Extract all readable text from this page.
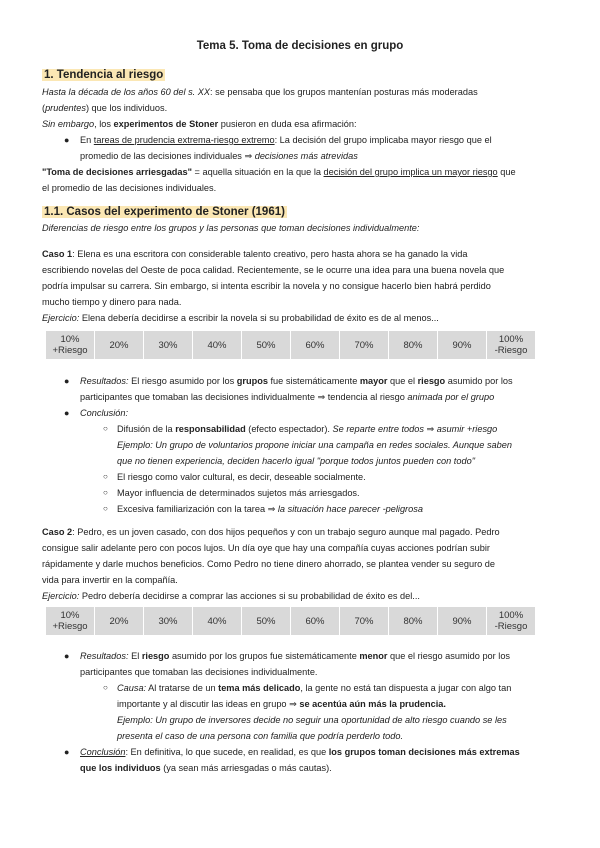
Tema 5. Toma de decisiones en grupo
1. Tendencia al riesgo
Hasta la década de los años 60 del s. XX: se pensaba que los grupos mantenían posturas más moderadas
(prudentes) que los individuos.
Sin embargo, los experimentos de Stoner pusieron en duda esa afirmación:
● En tareas de prudencia extrema-riesgo extremo: La decisión del grupo implicaba mayor riesgo que el
promedio de las decisiones individuales ⇒ decisiones más atrevidas
"Toma de decisiones arriesgadas" = aquella situación en la que la decisión del grupo implica un mayor riesgo que
el promedio de las decisiones individuales.
1.1. Casos del experimento de Stoner (1961)
Diferencias de riesgo entre los grupos y las personas que toman decisiones individualmente:
Caso 1: Elena es una escritora con considerable talento creativo, pero hasta ahora se ha ganado la vida
escribiendo novelas del Oeste de poca calidad. Recientemente, se le ocurre una idea para una buena novela que
podría impulsar su carrera. Sin embargo, si intenta escribir la novela y no consigue hacerlo bien habrá perdido
mucho tiempo y dinero para nada.
Ejercicio: Elena debería decidirse a escribir la novela si su probabilidad de éxito es de al menos...
10%
+Riesgo	20%	30%	40%	50%	60%	70%	80%	90%	100%
-Riesgo
● Resultados: El riesgo asumido por los grupos fue sistemáticamente mayor que el riesgo asumido por los
participantes que tomaban las decisiones individualmente ⇒ tendencia al riesgo animada por el grupo
● Conclusión:
○ Difusión de la responsabilidad (efecto espectador). Se reparte entre todos ⇒ asumir +riesgo
Ejemplo: Un grupo de voluntarios propone iniciar una campaña en redes sociales. Aunque saben
que no tienen experiencia, deciden hacerlo igual "porque todos juntos pueden con todo"
○ El riesgo como valor cultural, es decir, deseable socialmente.
○ Mayor influencia de determinados sujetos más arriesgados.
○ Excesiva familiarización con la tarea ⇒ la situación hace parecer -peligrosa
Caso 2: Pedro, es un joven casado, con dos hijos pequeños y con un trabajo seguro aunque mal pagado. Pedro
consigue salir adelante pero con pocos lujos. Un día oye que hay una compañía cuyas acciones podrían subir
rápidamente y darle muchos beneficios. Como Pedro no tiene dinero ahorrado, se plantea vender su seguro de
vida para invertir en la compañía.
Ejercicio: Pedro debería decidirse a comprar las acciones si su probabilidad de éxito es del...
10%
+Riesgo	20%	30%	40%	50%	60%	70%	80%	90%	100%
-Riesgo
● Resultados: El riesgo asumido por los grupos fue sistemáticamente menor que el riesgo asumido por los
participantes que tomaban las decisiones individualmente.
○ Causa: Al tratarse de un tema más delicado, la gente no está tan dispuesta a jugar con algo tan
importante y al discutir las ideas en grupo ⇒ se acentúa aún más la prudencia.
Ejemplo: Un grupo de inversores decide no seguir una oportunidad de alto riesgo cuando se les
presenta el caso de una persona con familia que podría perderlo todo.
● Conclusión: En definitiva, lo que sucede, en realidad, es que los grupos toman decisiones más extremas
que los individuos (ya sean más arriesgadas o más cautas).
